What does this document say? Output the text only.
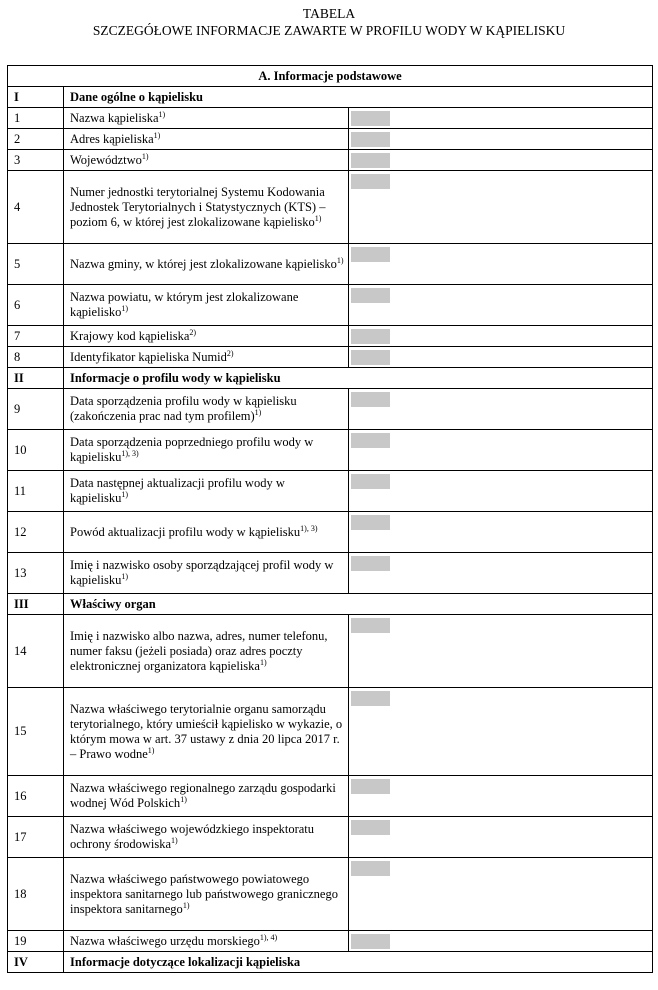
TABELA
SZCZEGÓŁOWE INFORMACJE ZAWARTE W PROFILU WODY W KĄPIELISKU
A. Informacje podstawowe		
I	Dane ogólne o kąpielisku	
1	Nazwa kąpieliska$^{1)}$	

2	Adres kąpieliska$^{1)}$	

3	Województwo$^{1)}$	

4	Numer jednostki terytorialnej Systemu Kodowania Jednostek Terytorialnych i Statystycznych (KTS) – poziom 6, w której jest zlokalizowane kąpielisko$^{1)}$	

5	Nazwa gminy, w której jest zlokalizowane kąpielisko$^{1)}$	

6	Nazwa powiatu, w którym jest zlokalizowane kąpielisko$^{1)}$	

7	Krajowy kod kąpieliska$^{2)}$	

8	Identyfikator kąpieliska Numid$^{2)}$	

II	Informacje o profilu wody w kąpielisku	
9	Data sporządzenia profilu wody w kąpielisku (zakończenia prac nad tym profilem)$^{1)}$	

10	Data sporządzenia poprzedniego profilu wody w kąpielisku$^{1), 3)}$	

11	Data następnej aktualizacji profilu wody w kąpielisku$^{1)}$	

12	Powód aktualizacji profilu wody w kąpielisku$^{1), 3)}$	

13	Imię i nazwisko osoby sporządzającej profil wody w kąpielisku$^{1)}$	

III	Właściwy organ	
14	Imię i nazwisko albo nazwa, adres, numer telefonu, numer faksu (jeżeli posiada) oraz adres poczty elektronicznej organizatora kąpieliska$^{1)}$	

15	Nazwa właściwego terytorialnie organu samorządu terytorialnego, który umieścił kąpielisko w wykazie, o którym mowa w art. 37 ustawy z dnia 20 lipca 2017 r. – Prawo wodne$^{1)}$	

16	Nazwa właściwego regionalnego zarządu gospodarki wodnej Wód Polskich$^{1)}$	

17	Nazwa właściwego wojewódzkiego inspektoratu ochrony środowiska$^{1)}$	

18	Nazwa właściwego państwowego powiatowego inspektora sanitarnego lub państwowego granicznego inspektora sanitarnego$^{1)}$	

19	Nazwa właściwego urzędu morskiego$^{1), 4)}$	

IV	Informacje dotyczące lokalizacji kąpieliska	
